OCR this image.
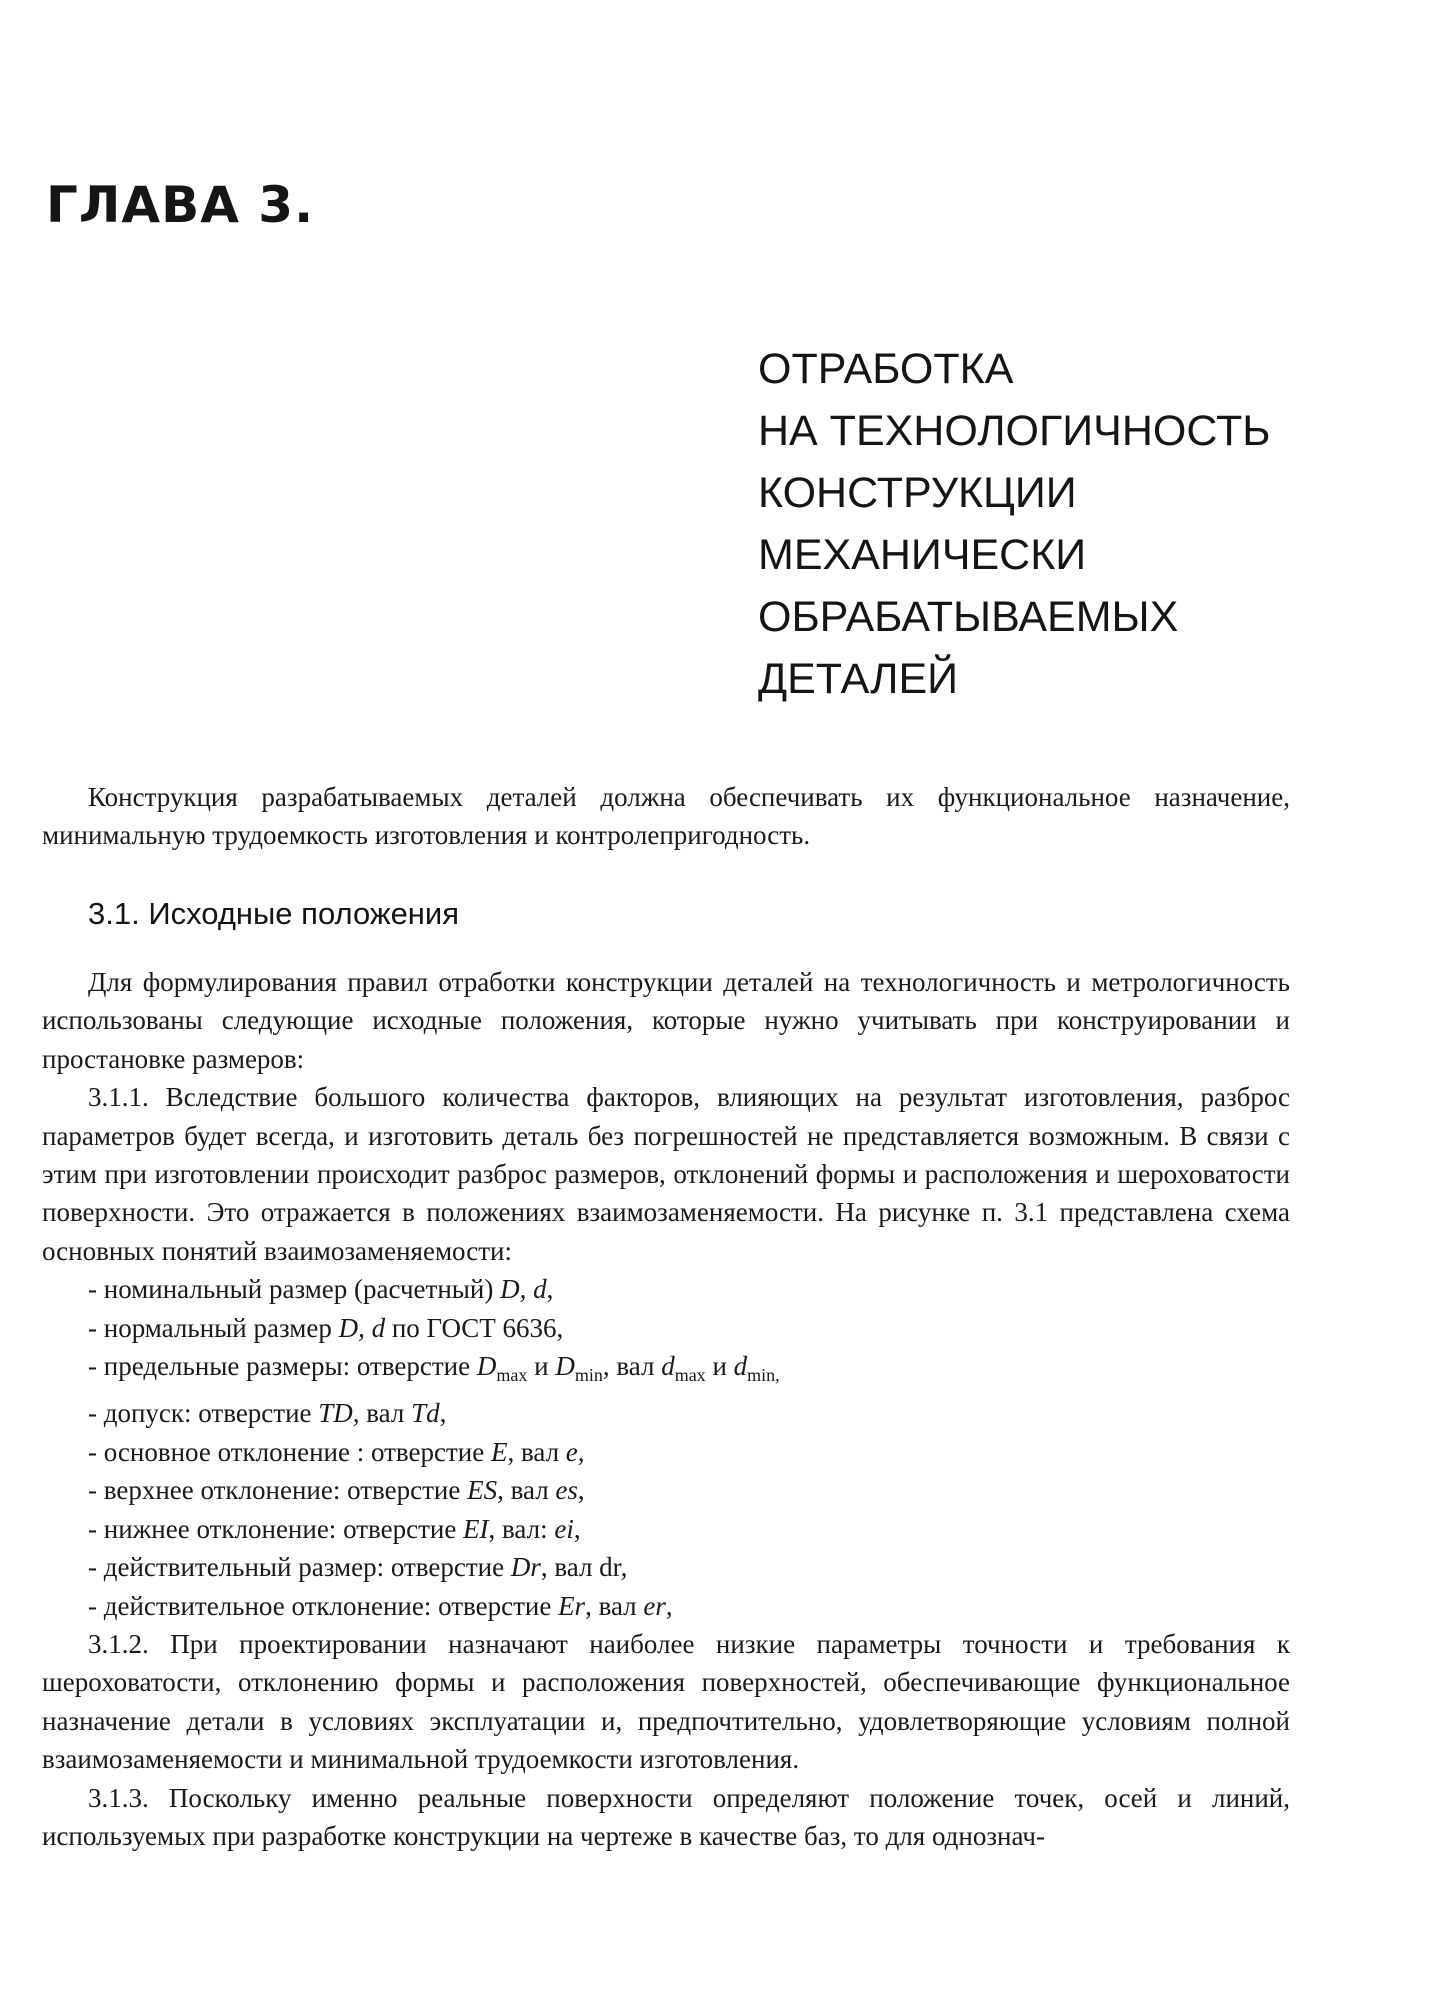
ГЛАВА 3.
ОТРАБОТКА
НА ТЕХНОЛОГИЧНОСТЬ
КОНСТРУКЦИИ
МЕХАНИЧЕСКИ
ОБРАБАТЫВАЕМЫХ
ДЕТАЛЕЙ

Конструкция разрабатываемых деталей должна обеспечивать их функциональное назначение, минимальную трудоемкость изготовления и контролепригодность.

3.1. Исходные положения

Для формулирования правил отработки конструкции деталей на технологичность и метрологичность использованы следующие исходные положения, которые нужно учитывать при конструировании и простановке размеров:

3.1.1. Вследствие большого количества факторов, влияющих на результат изготовления, разброс параметров будет всегда, и изготовить деталь без погрешностей не представляется возможным. В связи с этим при изготовлении происходит разброс размеров, отклонений формы и расположения и шероховатости поверхности. Это отражается в положениях взаимозаменяемости. На рисунке п. 3.1 представлена схема основных понятий взаимозаменяемости:

- номинальный размер (расчетный) D, d,

- нормальный размер D, d по ГОСТ 6636,

- предельные размеры: отверстие $D_{max}$ и $D_{min}$, вал $d_{max}$ и $d_{min,}$

- допуск: отверстие TD, вал Td,

- основное отклонение : отверстие E, вал e,

- верхнее отклонение: отверстие ES, вал es,

- нижнее отклонение: отверстие EI, вал: ei,

- действительный размер: отверстие Dr, вал dr,

- действительное отклонение: отверстие Er, вал er,

3.1.2. При проектировании назначают наиболее низкие параметры точности и требования к шероховатости, отклонению формы и расположения поверхностей, обеспечивающие функциональное назначение детали в условиях эксплуатации и, предпочтительно, удовлетворяющие условиям полной взаимозаменяемости и минимальной трудоемкости изготовления.

3.1.3. Поскольку именно реальные поверхности определяют положение точек, осей и линий, используемых при разработке конструкции на чертеже в качестве баз, то для однознач-
